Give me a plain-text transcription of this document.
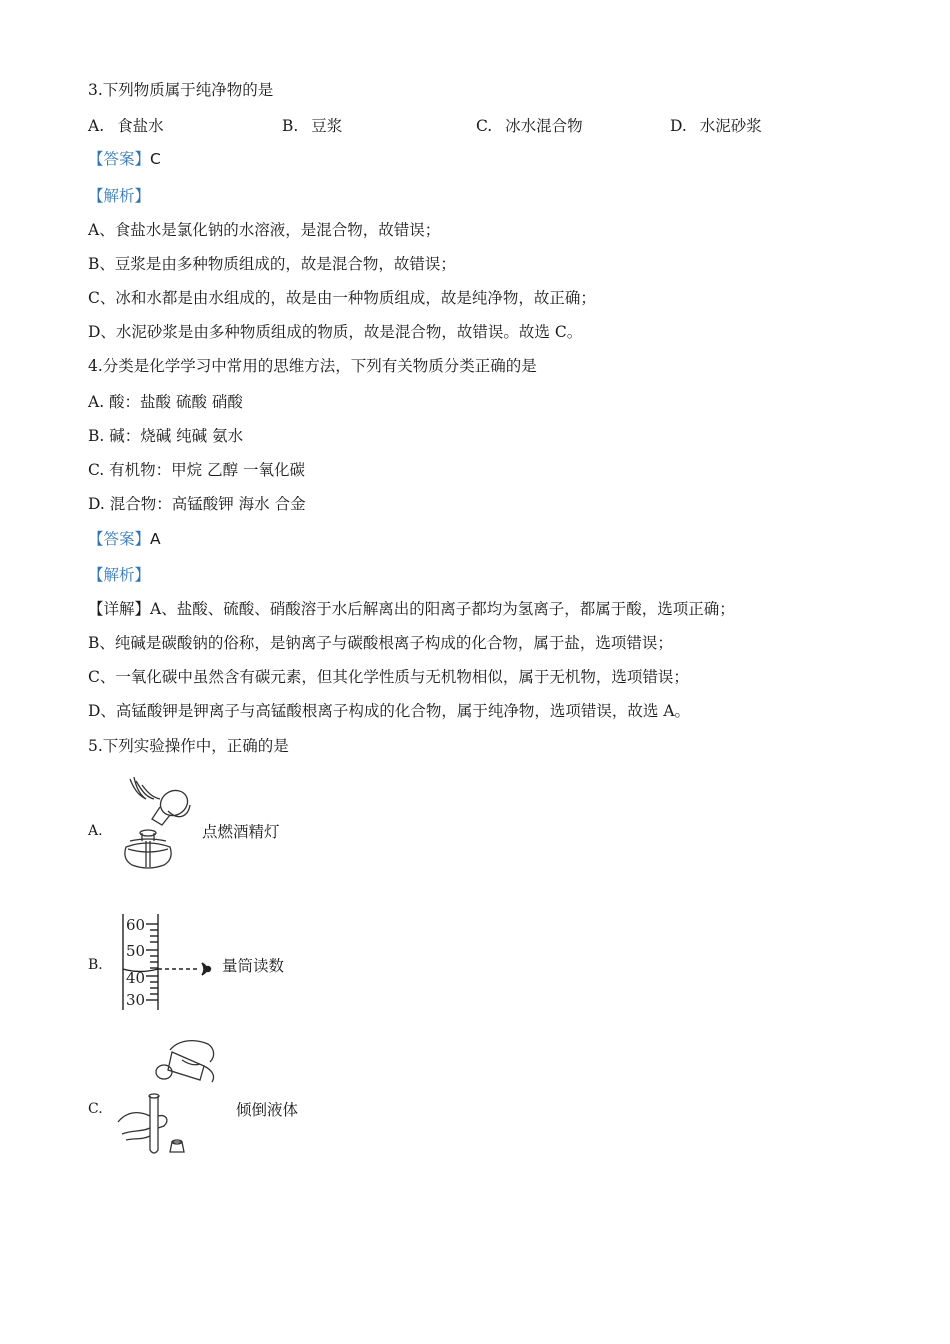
3.下列物质属于纯净物的是
A. 食盐水	B. 豆浆	C. 冰水混合物	D. 水泥砂浆
【答案】C
【解析】
A、食盐水是氯化钠的水溶液，是混合物，故错误；
B、豆浆是由多种物质组成的，故是混合物，故错误；
C、冰和水都是由水组成的，故是由一种物质组成，故是纯净物，故正确；
D、水泥砂浆是由多种物质组成的物质，故是混合物，故错误。故选 C。
4.分类是化学学习中常用的思维方法，下列有关物质分类正确的是
A. 酸：盐酸 硫酸 硝酸
B. 碱：烧碱 纯碱 氨水
C. 有机物：甲烷 乙醇 一氧化碳
D. 混合物：高锰酸钾 海水 合金
【答案】A
【解析】
【详解】A、盐酸、硫酸、硝酸溶于水后解离出的阳离子都均为氢离子，都属于酸，选项正确；
B、纯碱是碳酸钠的俗称，是钠离子与碳酸根离子构成的化合物，属于盐，选项错误；
C、一氧化碳中虽然含有碳元素，但其化学性质与无机物相似，属于无机物，选项错误；
D、高锰酸钾是钾离子与高锰酸根离子构成的化合物，属于纯净物，选项错误，故选 A。
5.下列实验操作中，正确的是
A.	点燃酒精灯
B.
60
50
40
30
量筒读数
C.	倾倒液体
